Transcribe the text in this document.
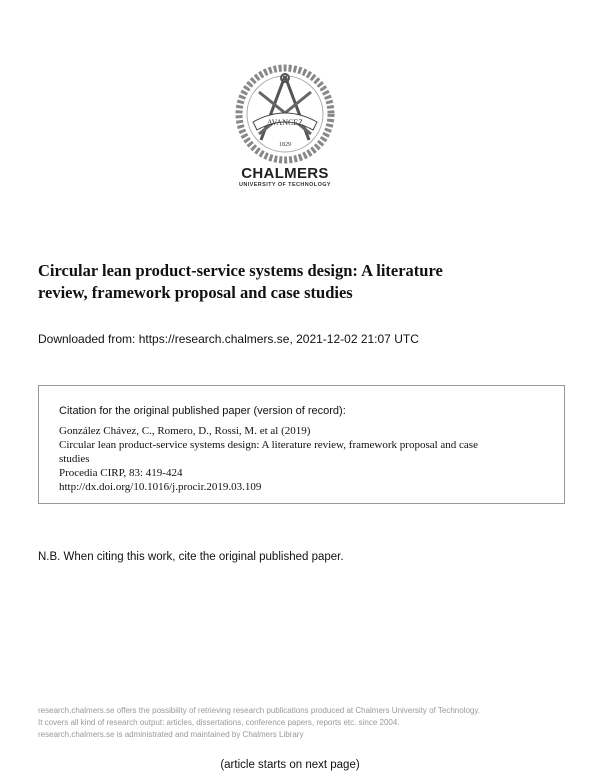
AVANCEZ
1829
CHALMERS
UNIVERSITY OF TECHNOLOGY
Circular lean product-service systems design: A literature
review, framework proposal and case studies
Downloaded from: https://research.chalmers.se, 2021-12-02 21:07 UTC
Citation for the original published paper (version of record):
González Chávez, C., Romero, D., Rossi, M. et al (2019)
Circular lean product-service systems design: A literature review, framework proposal and case
studies
Procedia CIRP, 83: 419-424
http://dx.doi.org/10.1016/j.procir.2019.03.109
N.B. When citing this work, cite the original published paper.
research.chalmers.se offers the possibility of retrieving research publications produced at Chalmers University of Technology.
It covers all kind of research output: articles, dissertations, conference papers, reports etc. since 2004.
research.chalmers.se is administrated and maintained by Chalmers Library
(article starts on next page)
